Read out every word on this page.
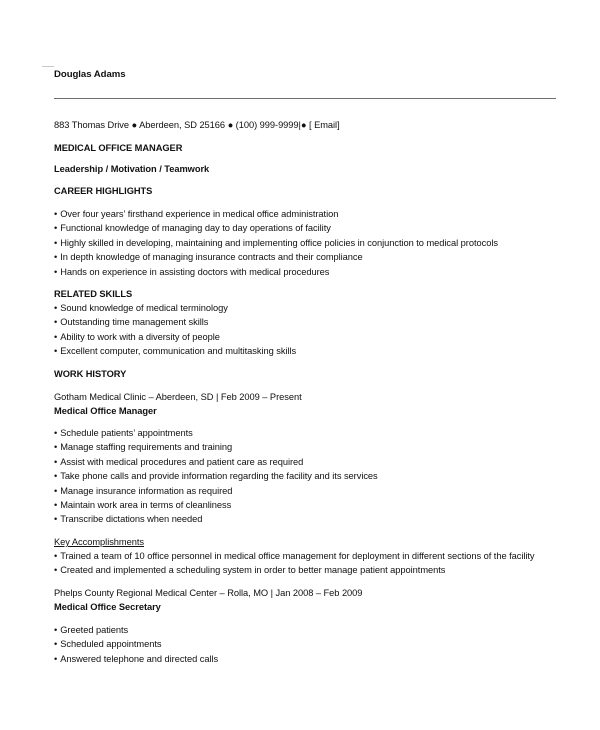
Douglas Adams
883 Thomas Drive ● Aberdeen, SD 25166 ● (100) 999-9999|● [ Email]
MEDICAL OFFICE MANAGER
Leadership / Motivation / Teamwork
CAREER HIGHLIGHTS
• Over four years’ firsthand experience in medical office administration
• Functional knowledge of managing day to day operations of facility
• Highly skilled in developing, maintaining and implementing office policies in conjunction to medical protocols
• In depth knowledge of managing insurance contracts and their compliance
• Hands on experience in assisting doctors with medical procedures
RELATED SKILLS
• Sound knowledge of medical terminology
• Outstanding time management skills
• Ability to work with a diversity of people
• Excellent computer, communication and multitasking skills
WORK HISTORY
Gotham Medical Clinic – Aberdeen, SD | Feb 2009 – Present
Medical Office Manager
• Schedule patients’ appointments
• Manage staffing requirements and training
• Assist with medical procedures and patient care as required
• Take phone calls and provide information regarding the facility and its services
• Manage insurance information as required
• Maintain work area in terms of cleanliness
• Transcribe dictations when needed
Key Accomplishments
• Trained a team of 10 office personnel in medical office management for deployment in different sections of the facility
• Created and implemented a scheduling system in order to better manage patient appointments
Phelps County Regional Medical Center – Rolla, MO | Jan 2008 – Feb 2009
Medical Office Secretary
• Greeted patients
• Scheduled appointments
• Answered telephone and directed calls
